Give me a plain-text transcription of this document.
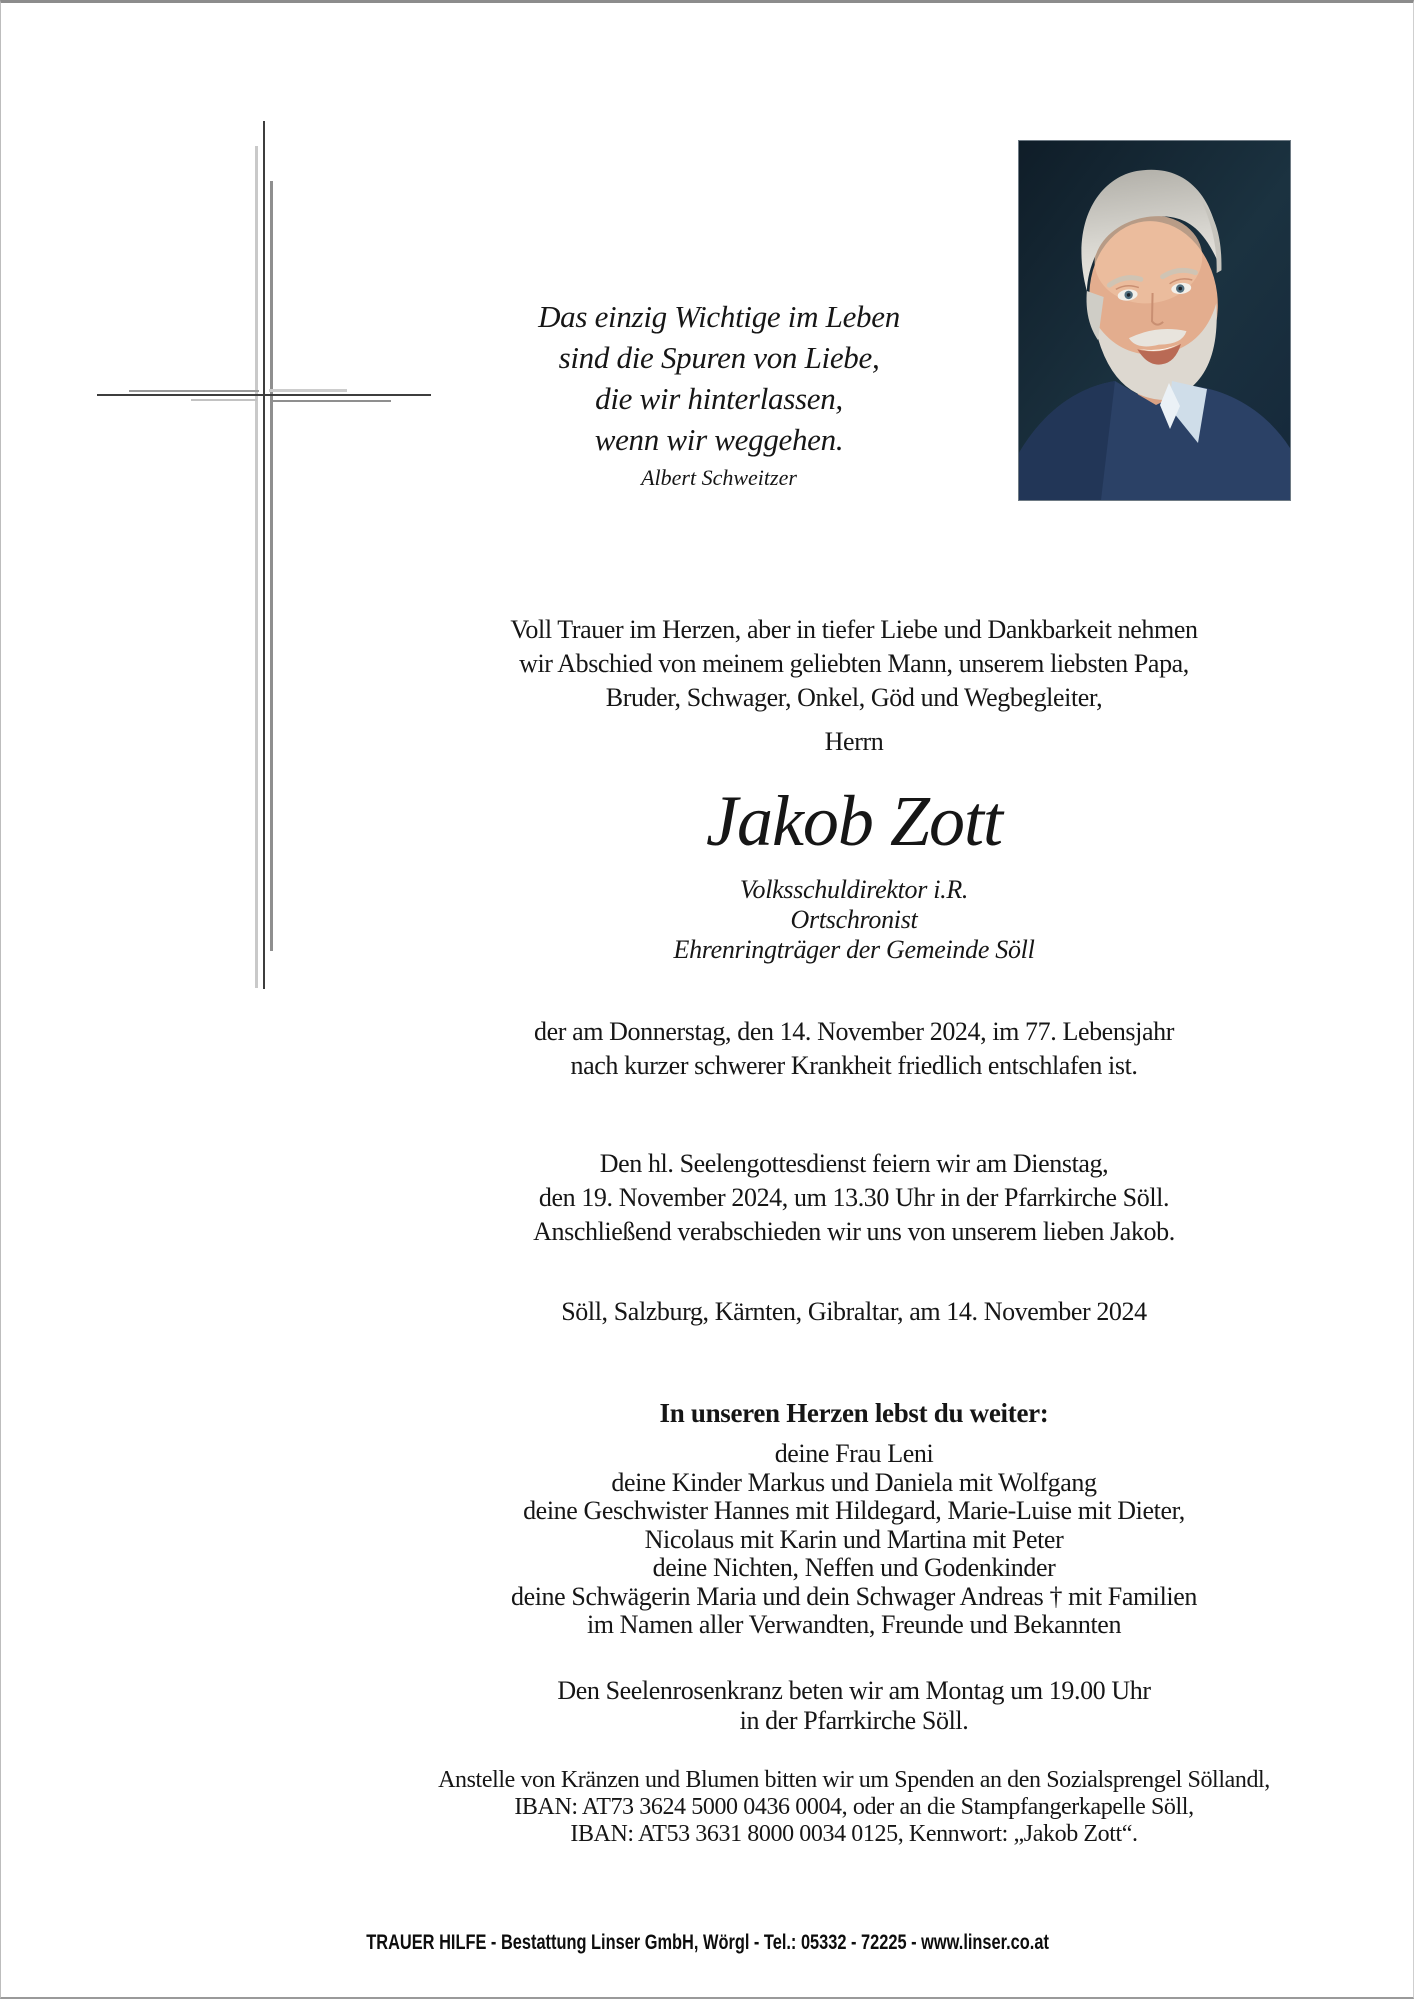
Das einzig Wichtige im Leben
sind die Spuren von Liebe,
die wir hinterlassen,
wenn wir weggehen.
Albert Schweitzer
Voll Trauer im Herzen, aber in tiefer Liebe und Dankbarkeit nehmen
wir Abschied von meinem geliebten Mann, unserem liebsten Papa,
Bruder, Schwager, Onkel, Göd und Wegbegleiter,
Herrn
Jakob Zott
Volksschuldirektor i.R.
Ortschronist
Ehrenringträger der Gemeinde Söll
der am Donnerstag, den 14. November 2024, im 77. Lebensjahr
nach kurzer schwerer Krankheit friedlich entschlafen ist.
Den hl. Seelengottesdienst feiern wir am Dienstag,
den 19. November 2024, um 13.30 Uhr in der Pfarrkirche Söll.
Anschließend verabschieden wir uns von unserem lieben Jakob.
Söll, Salzburg, Kärnten, Gibraltar, am 14. November 2024
In unseren Herzen lebst du weiter:
deine Frau Leni
deine Kinder Markus und Daniela mit Wolfgang
deine Geschwister Hannes mit Hildegard, Marie-Luise mit Dieter,
Nicolaus mit Karin und Martina mit Peter
deine Nichten, Neffen und Godenkinder
deine Schwägerin Maria und dein Schwager Andreas † mit Familien
im Namen aller Verwandten, Freunde und Bekannten
Den Seelenrosenkranz beten wir am Montag um 19.00 Uhr
in der Pfarrkirche Söll.
Anstelle von Kränzen und Blumen bitten wir um Spenden an den Sozialsprengel Söllandl,
IBAN: AT73 3624 5000 0436 0004, oder an die Stampfangerkapelle Söll,
IBAN: AT53 3631 8000 0034 0125, Kennwort: „Jakob Zott“.
TRAUER HILFE - Bestattung Linser GmbH, Wörgl - Tel.: 05332 - 72225 - www.linser.co.at
